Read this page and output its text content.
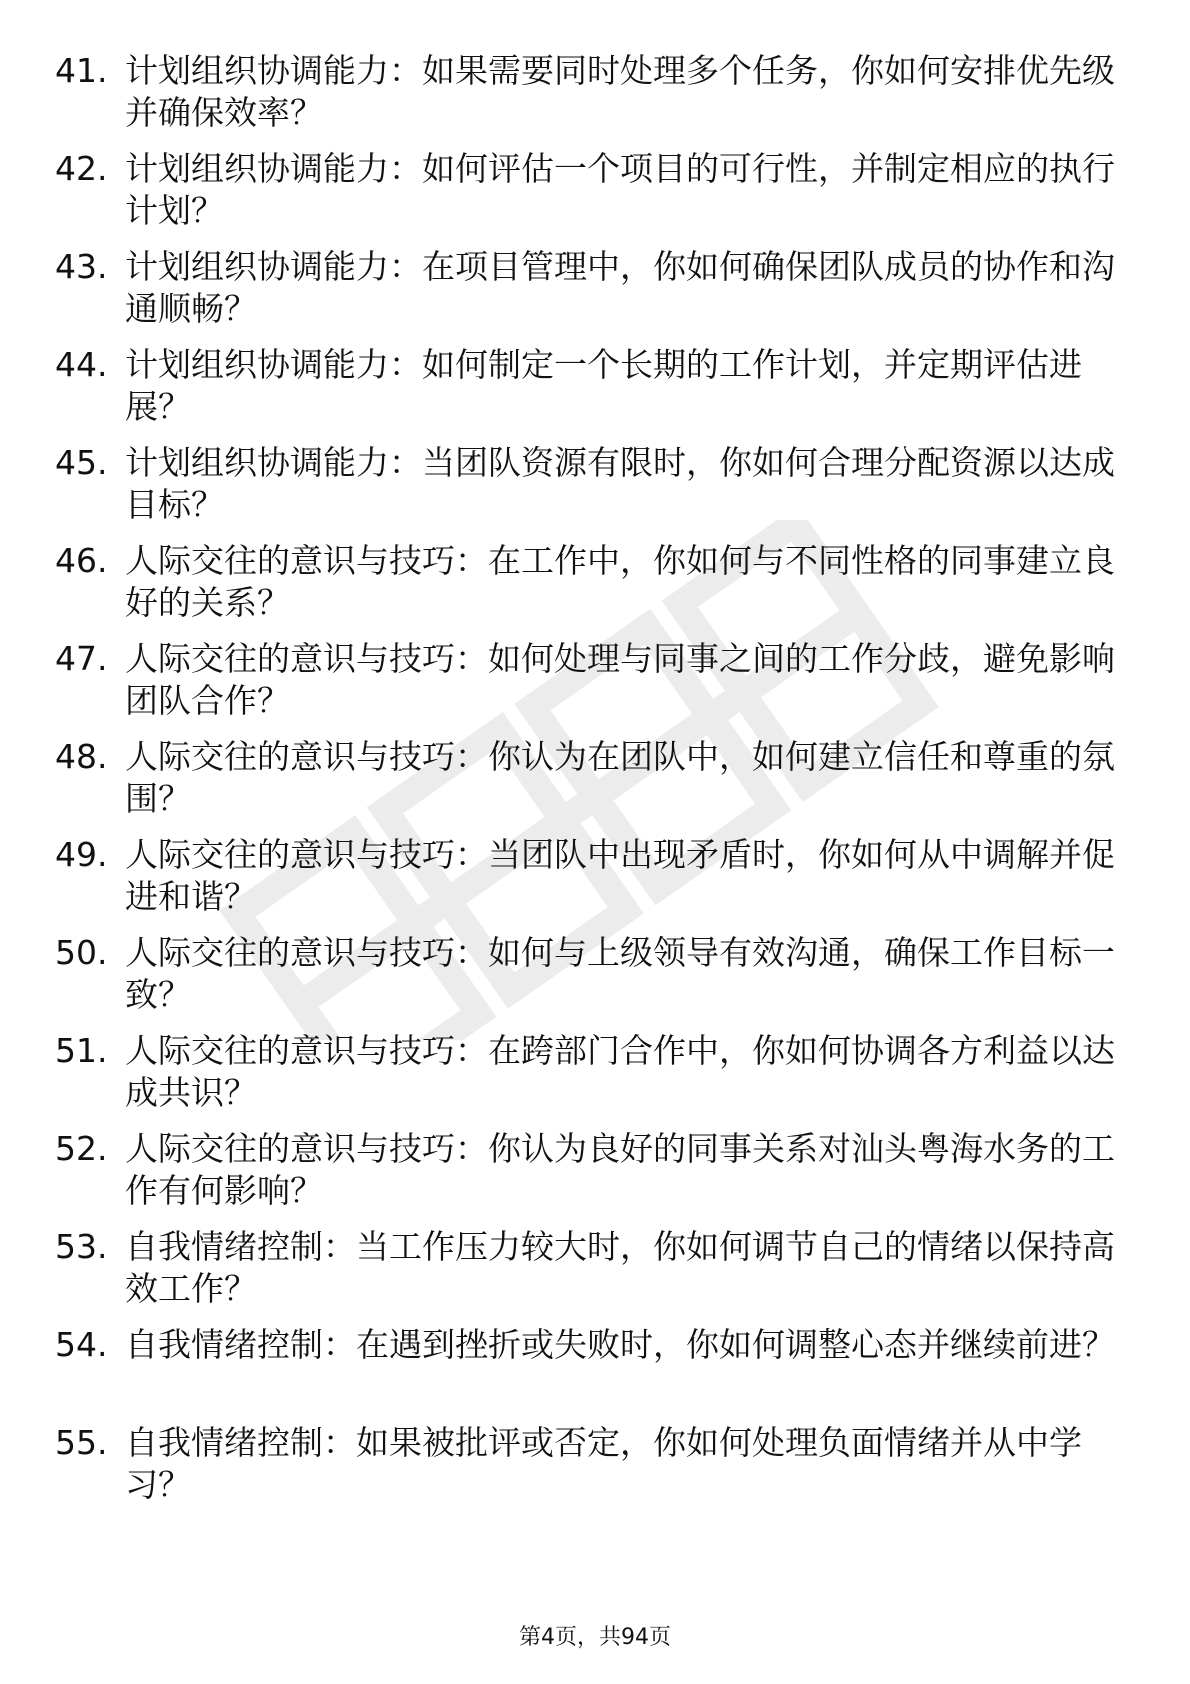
41. 计划组织协调能力：如果需要同时处理多个任务，你如何安排优先级并确保效率？
42. 计划组织协调能力：如何评估一个项目的可行性，并制定相应的执行计划？
43. 计划组织协调能力：在项目管理中，你如何确保团队成员的协作和沟通顺畅？
44. 计划组织协调能力：如何制定一个长期的工作计划，并定期评估进展？
45. 计划组织协调能力：当团队资源有限时，你如何合理分配资源以达成目标？
46. 人际交往的意识与技巧：在工作中，你如何与不同性格的同事建立良好的关系？
47. 人际交往的意识与技巧：如何处理与同事之间的工作分歧，避免影响团队合作？
48. 人际交往的意识与技巧：你认为在团队中，如何建立信任和尊重的氛围？
49. 人际交往的意识与技巧：当团队中出现矛盾时，你如何从中调解并促进和谐？
50. 人际交往的意识与技巧：如何与上级领导有效沟通，确保工作目标一致？
51. 人际交往的意识与技巧：在跨部门合作中，你如何协调各方利益以达成共识？
52. 人际交往的意识与技巧：你认为良好的同事关系对汕头粤海水务的工作有何影响？
53. 自我情绪控制：当工作压力较大时，你如何调节自己的情绪以保持高效工作？
54. 自我情绪控制：在遇到挫折或失败时，你如何调整心态并继续前进？
55. 自我情绪控制：如果被批评或否定，你如何处理负面情绪并从中学习？
第4页，共94页
